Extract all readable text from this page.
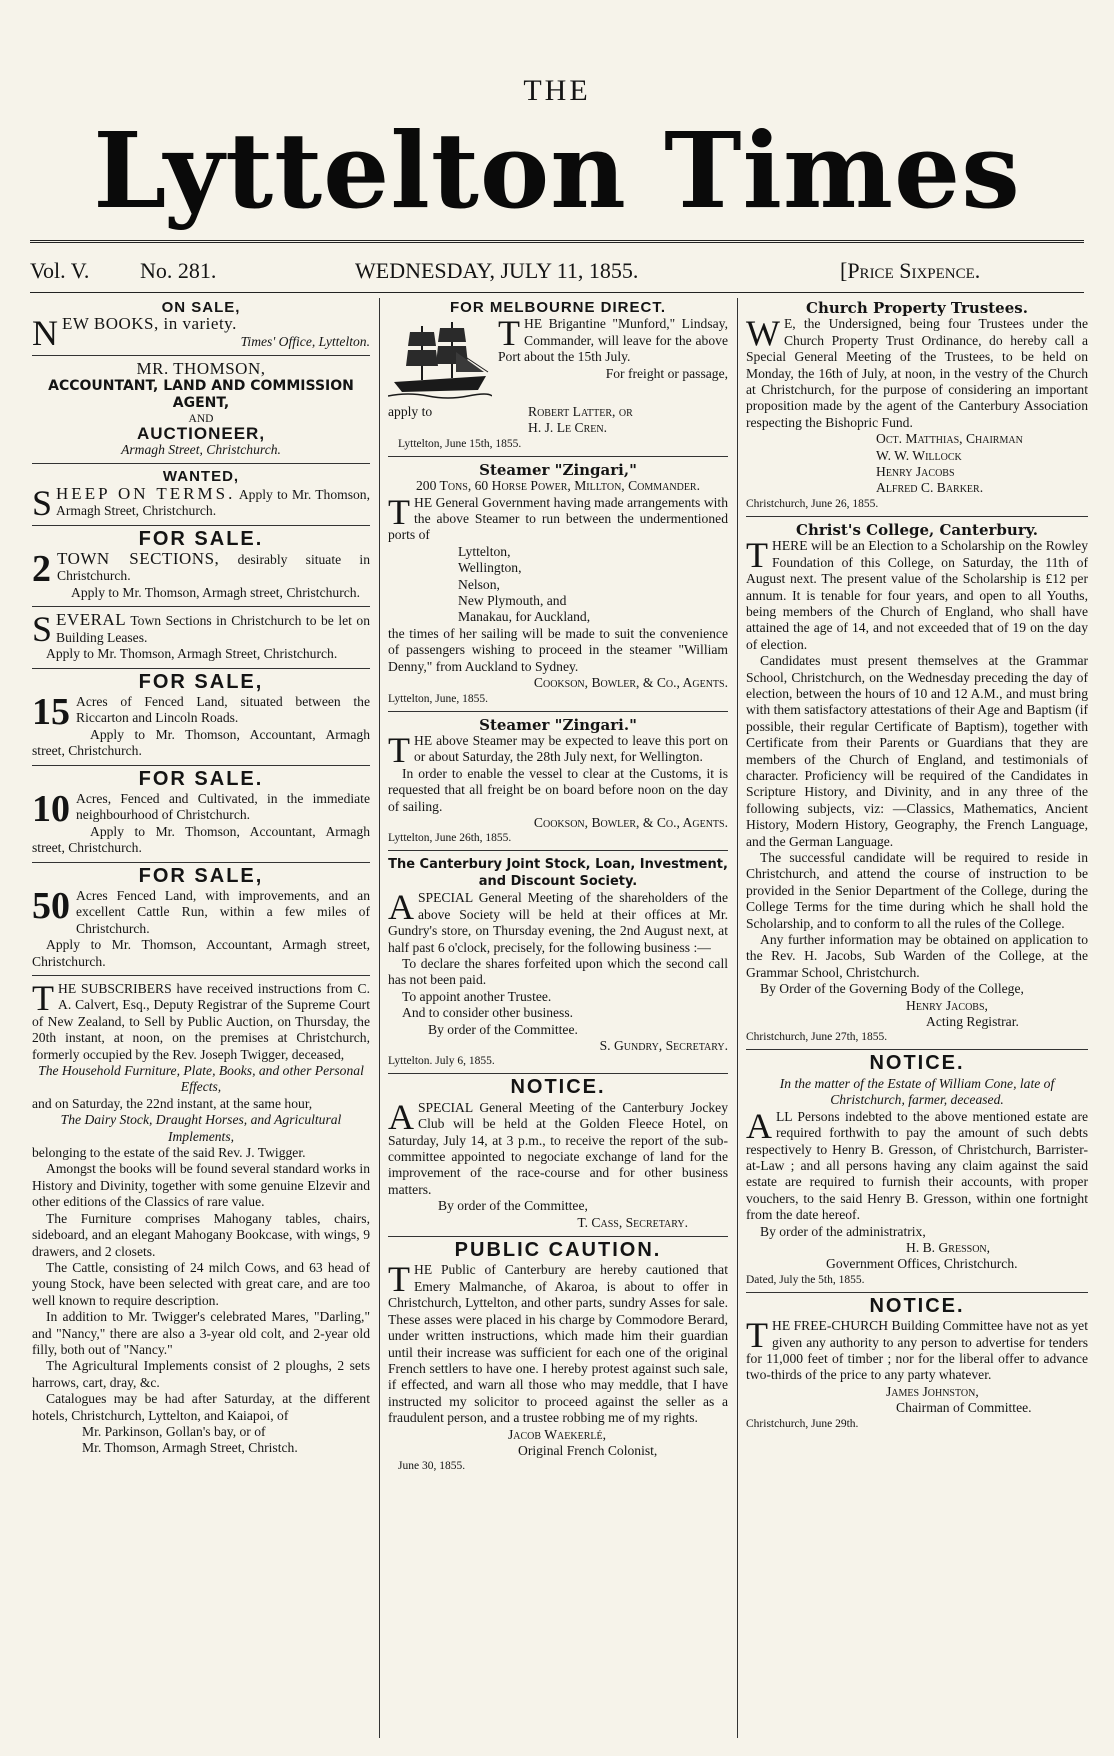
THE
Lyttelton Times
Vol. V. No. 281.	WEDNESDAY, JULY 11, 1855.	[Price Sixpence.
ON SALE,

NEW BOOKS, in variety.

Times' Office, Lyttelton.
MR. THOMSON,
ACCOUNTANT, LAND AND COMMISSION AGENT,
AND
AUCTIONEER,
Armagh Street, Christchurch.
WANTED,

SHEEP ON TERMS. Apply to Mr. Thomson, Armagh Street, Christchurch.

FOR SALE.

2 TOWN SECTIONS, desirably situate in Christchurch.

Apply to Mr. Thomson, Armagh street, Christchurch.

SEVERAL Town Sections in Christchurch to be let on Building Leases.

Apply to Mr. Thomson, Armagh Street, Christchurch.

FOR SALE,

15 Acres of Fenced Land, situated between the Riccarton and Lincoln Roads.

Apply to Mr. Thomson, Accountant, Armagh street, Christchurch.

FOR SALE.

10 Acres, Fenced and Cultivated, in the immediate neighbourhood of Christchurch.

Apply to Mr. Thomson, Accountant, Armagh street, Christchurch.

FOR SALE,

50 Acres Fenced Land, with improvements, and an excellent Cattle Run, within a few miles of Christchurch.

Apply to Mr. Thomson, Accountant, Armagh street, Christchurch.

THE SUBSCRIBERS have received instructions from C. A. Calvert, Esq., Deputy Registrar of the Supreme Court of New Zealand, to Sell by Public Auction, on Thursday, the 20th instant, at noon, on the premises at Christchurch, formerly occupied by the Rev. Joseph Twigger, deceased,

The Household Furniture, Plate, Books, and other Personal Effects,

and on Saturday, the 22nd instant, at the same hour,

The Dairy Stock, Draught Horses, and Agricultural Implements,

belonging to the estate of the said Rev. J. Twigger.

Amongst the books will be found several standard works in History and Divinity, together with some genuine Elzevir and other editions of the Classics of rare value.

The Furniture comprises Mahogany tables, chairs, sideboard, and an elegant Mahogany Bookcase, with wings, 9 drawers, and 2 closets.

The Cattle, consisting of 24 milch Cows, and 63 head of young Stock, have been selected with great care, and are too well known to require description.

In addition to Mr. Twigger's celebrated Mares, "Darling," and "Nancy," there are also a 3-year old colt, and 2-year old filly, both out of "Nancy."

The Agricultural Implements consist of 2 ploughs, 2 sets harrows, cart, dray, &c.

Catalogues may be had after Saturday, at the different hotels, Christchurch, Lyttelton, and Kaiapoi, of

Mr. Parkinson, Gollan's bay, or of
Mr. Thomson, Armagh Street, Christch.
FOR MELBOURNE DIRECT.

THE Brigantine "Munford," Lindsay, Commander, will leave for the above Port about the 15th July.

For freight or passage,

apply to	Robert Latter, or
H. J. Le Cren.
Lyttelton, June 15th, 1855.
Steamer "Zingari,"
200 Tons, 60 Horse Power, Millton, Commander.

THE General Government having made arrangements with the above Steamer to run between the undermentioned ports of

Lyttelton,
Wellington,
Nelson,
New Plymouth, and
Manakau, for Auckland,

the times of her sailing will be made to suit the convenience of passengers wishing to proceed in the steamer "William Denny," from Auckland to Sydney.

Cookson, Bowler, & Co., Agents.
Lyttelton, June, 1855.
Steamer "Zingari."

THE above Steamer may be expected to leave this port on or about Saturday, the 28th July next, for Wellington.

In order to enable the vessel to clear at the Customs, it is requested that all freight be on board before noon on the day of sailing.

Cookson, Bowler, & Co., Agents.
Lyttelton, June 26th, 1855.
The Canterbury Joint Stock, Loan, Investment, and Discount Society.

ASPECIAL General Meeting of the shareholders of the above Society will be held at their offices at Mr. Gundry's store, on Thursday evening, the 2nd August next, at half past 6 o'clock, precisely, for the following business :—

To declare the shares forfeited upon which the second call has not been paid.

To appoint another Trustee.

And to consider other business.

By order of the Committee.
S. Gundry, Secretary.
Lyttelton. July 6, 1855.
NOTICE.

ASPECIAL General Meeting of the Canterbury Jockey Club will be held at the Golden Fleece Hotel, on Saturday, July 14, at 3 p.m., to receive the report of the sub-committee appointed to negociate exchange of land for the improvement of the race-course and for other business matters.

By order of the Committee,
T. Cass, Secretary.
PUBLIC CAUTION.

THE Public of Canterbury are hereby cautioned that Emery Malmanche, of Akaroa, is about to offer in Christchurch, Lyttelton, and other parts, sundry Asses for sale. These asses were placed in his charge by Commodore Berard, under written instructions, which made him their guardian until their increase was sufficient for each one of the original French settlers to have one. I hereby protest against such sale, if effected, and warn all those who may meddle, that I have instructed my solicitor to proceed against the seller as a fraudulent person, and a trustee robbing me of my rights.

Jacob Waekerlé,
Original French Colonist,
June 30, 1855.
Church Property Trustees.

W E, the Undersigned, being four Trustees under the Church Property Trust Ordinance, do hereby call a Special General Meeting of the Trustees, to be held on Monday, the 16th of July, at noon, in the vestry of the Church at Christchurch, for the purpose of considering an important proposition made by the agent of the Canterbury Association respecting the Bishopric Fund.

Oct. Matthias, Chairman
W. W. Willock
Henry Jacobs
Alfred C. Barker.
Christchurch, June 26, 1855.
Christ's College, Canterbury.

THERE will be an Election to a Scholarship on the Rowley Foundation of this College, on Saturday, the 11th of August next. The present value of the Scholarship is £12 per annum. It is tenable for four years, and open to all Youths, being members of the Church of England, who shall have attained the age of 14, and not exceeded that of 19 on the day of election.

Candidates must present themselves at the Grammar School, Christchurch, on the Wednesday preceding the day of election, between the hours of 10 and 12 A.M., and must bring with them satisfactory attestations of their Age and Baptism (if possible, their regular Certificate of Baptism), together with Certificate from their Parents or Guardians that they are members of the Church of England, and testimonials of character. Proficiency will be required of the Candidates in Scripture History, and Divinity, and in any three of the following subjects, viz: —Classics, Mathematics, Ancient History, Modern History, Geography, the French Language, and the German Language.

The successful candidate will be required to reside in Christchurch, and attend the course of instruction to be provided in the Senior Department of the College, during the College Terms for the time during which he shall hold the Scholarship, and to conform to all the rules of the College.

Any further information may be obtained on application to the Rev. H. Jacobs, Sub Warden of the College, at the Grammar School, Christchurch.

By Order of the Governing Body of the College,

Henry Jacobs,
Acting Registrar.
Christchurch, June 27th, 1855.
NOTICE.

In the matter of the Estate of William Cone, late of Christchurch, farmer, deceased.

ALL Persons indebted to the above mentioned estate are required forthwith to pay the amount of such debts respectively to Henry B. Gresson, of Christchurch, Barrister-at-Law ; and all persons having any claim against the said estate are required to furnish their accounts, with proper vouchers, to the said Henry B. Gresson, within one fortnight from the date hereof.

By order of the administratrix,
H. B. Gresson,
Government Offices, Christchurch.
Dated, July the 5th, 1855.
NOTICE.

THE FREE-CHURCH Building Committee have not as yet given any authority to any person to advertise for tenders for 11,000 feet of timber ; nor for the liberal offer to advance two-thirds of the price to any party whatever.

James Johnston,
Chairman of Committee.
Christchurch, June 29th.
